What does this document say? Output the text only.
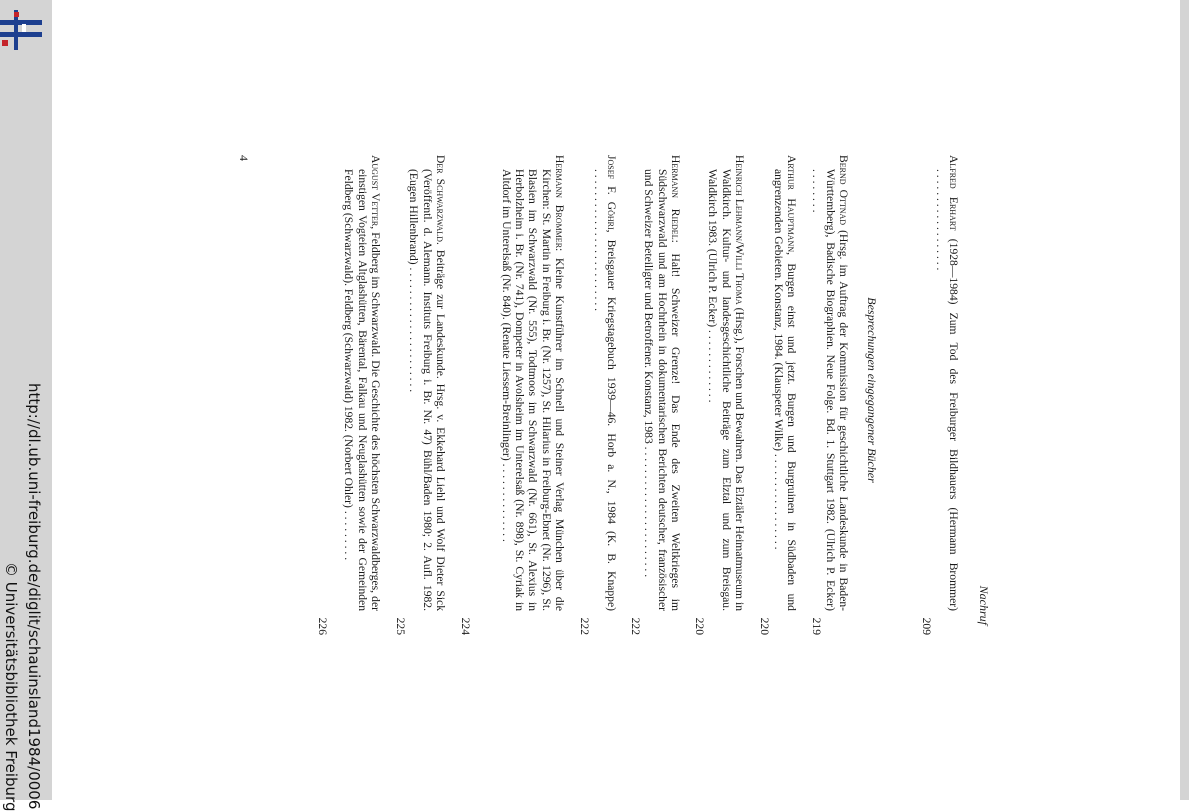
http://dl.ub.uni-freiburg.de/diglit/schauinsland1984/0006
© Universitätsbibliothek Freiburg	Nachruf
Alfred Erhart (1928—1984) Zum Tod des Freiburger Bildhauers (Hermann Brommer) . . . . . . . . . . . . . . . . . .
209
Besprechungen eingegangener Bücher
Bernd Ottnad (Hrsg. im Auftrag der Kommission für geschichtliche Landeskunde in Baden-Württemberg), Badische Biographien. Neue Folge. Bd. 1. Stuttgart 1982. (Ulrich P. Ecker) . . . . . . . .
219
Arthur Hauptmann, Burgen einst und jetzt. Burgen und Burgruinen in Südbaden und angrenzenden Gebieten. Konstanz, 1984. (Klauspeter Wilke) . . . . . . . . . . . . . . . . .
220
Heinrich Lehmann/Willi Thoma (Hrsg.), Forschen und Bewahren. Das Elztäler Heimatmuseum in Waldkirch. Kultur- und landesgeschichtliche Beiträge zum Elztal und zum Breisgau. Waldkirch 1983. (Ulrich P. Ecker) . . . . . . . . . . . . .
220
Hermann Riedel: Halt! Schweizer Grenze! Das Ende des Zweiten Weltkrieges im Südschwarzwald und am Hochrhein in dokumentarischen Berichten deutscher, französischer und Schweizer Beteiligter und Betroffener. Konstanz, 1983 . . . . . . . . . . . . . . . . . . . . . . .
222
Josef F. Göhri, Breisgauer Kriegstagebuch 1939—46. Horb a. N., 1984 (K. B. Knappe) . . . . . . . . . . . . . . . . . . . . . . . . .
222
Hermann Brommer: Kleine Kunstführer im Schnell und Steiner Verlag München über die Kirchen: St. Martin in Freiburg i. Br. (Nr. 1257), St. Hilarius in Freiburg-Ebnet (Nr. 1296), St. Blasien im Schwarzwald (Nr. 555), Todtmoos im Schwarzwald (Nr. 661), St. Alexius in Herbolzheim i. Br. (Nr. 741), Dompeter in Avolsheim im Unterelsaß (Nr. 898), St. Cyriak in Altdorf im Unterelsaß (Nr. 840). (Renate Liessem-Breinlinger) . . . . . . . . . . . . . .
224
Der Schwarzwald. Beiträge zur Landeskunde. Hrsg. v. Ekkehard Liehl und Wolf Dieter Sick (Veröffentl. d. Alemann. Instituts Freiburg i. Br. Nr. 47) Bühl/Baden 1980; 2. Aufl. 1982. (Eugen Hillenbrand) . . . . . . . . . . . . . . . . . . . . . .
225
August Vetter, Feldberg im Schwarzwald. Die Geschichte des höchsten Schwarzwaldberges, der einstigen Vogteien Altglashütten, Bärental, Falkau und Neuglashütten sowie der Gemeinden Feldberg (Schwarzwald). Feldberg (Schwarzwald) 1982. (Norbert Ohler) . . . . . . . . .
226
4
